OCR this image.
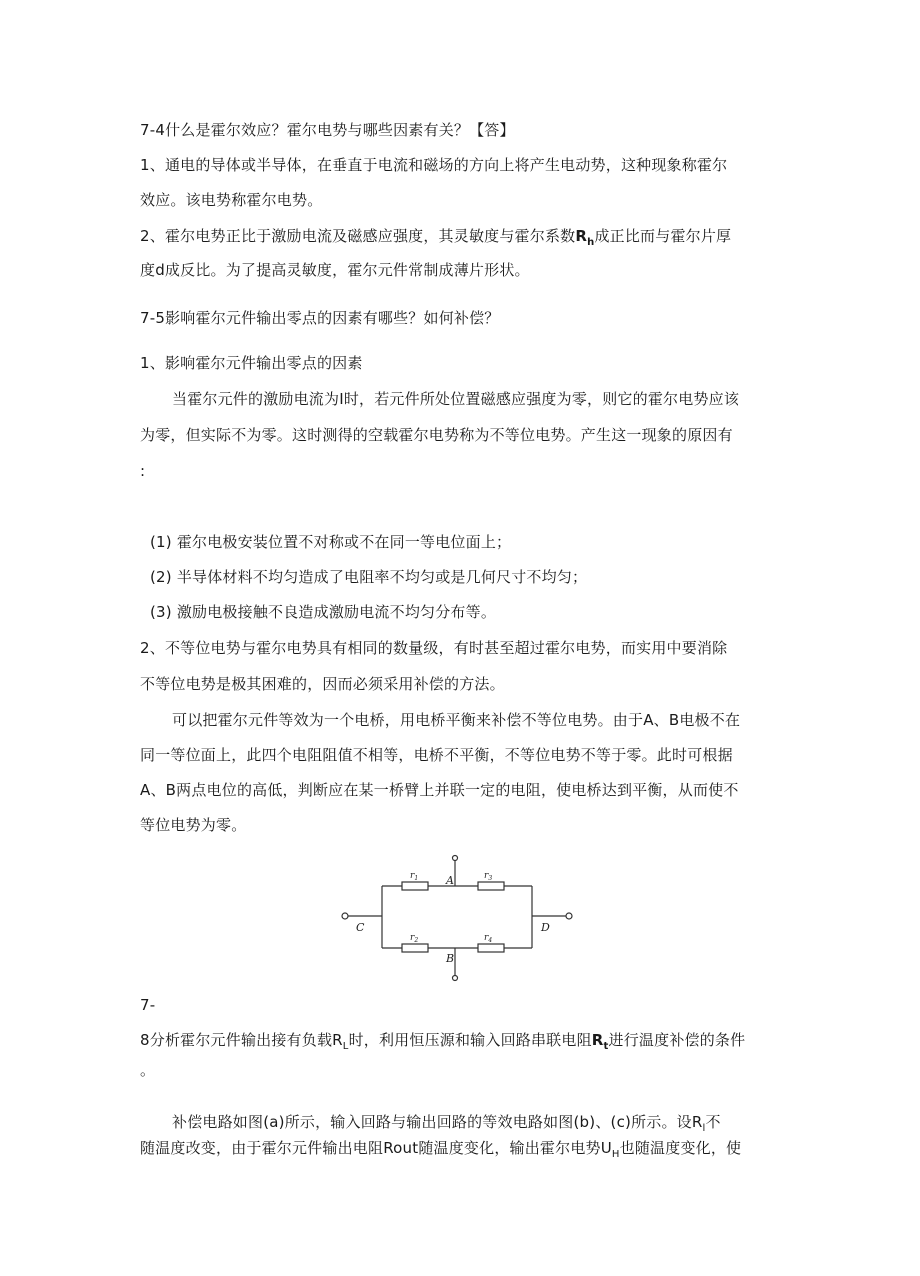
7-4什么是霍尔效应？霍尔电势与哪些因素有关？【答】
1、通电的导体或半导体，在垂直于电流和磁场的方向上将产生电动势，这种现象称霍尔
效应。该电势称霍尔电势。
2、霍尔电势正比于激励电流及磁感应强度，其灵敏度与霍尔系数$R_h$成正比而与霍尔片厚
度d成反比。为了提高灵敏度，霍尔元件常制成薄片形状。
7-5影响霍尔元件输出零点的因素有哪些？如何补偿？
1、影响霍尔元件输出零点的因素
当霍尔元件的激励电流为I时，若元件所处位置磁感应强度为零，则它的霍尔电势应该
为零，但实际不为零。这时测得的空载霍尔电势称为不等位电势。产生这一现象的原因有
:
(1) 霍尔电极安装位置不对称或不在同一等电位面上；
(2) 半导体材料不均匀造成了电阻率不均匀或是几何尺寸不均匀；
(3) 激励电极接触不良造成激励电流不均匀分布等。
2、不等位电势与霍尔电势具有相同的数量级，有时甚至超过霍尔电势，而实用中要消除
不等位电势是极其困难的，因而必须采用补偿的方法。
可以把霍尔元件等效为一个电桥，用电桥平衡来补偿不等位电势。由于A、B电极不在
同一等位面上，此四个电阻阻值不相等，电桥不平衡，不等位电势不等于零。此时可根据
A、B两点电位的高低，判断应在某一桥臂上并联一定的电阻，使电桥达到平衡，从而使不
等位电势为零。
A
B
C	D
$r_1$
$r_2$
$r_3$
$r_4$
7-
8分析霍尔元件输出接有负载$R_L$时，利用恒压源和输入回路串联电阻$R_t$进行温度补偿的条件
。
补偿电路如图(a)所示，输入回路与输出回路的等效电路如图(b)、(c)所示。设$R_l$不
随温度改变，由于霍尔元件输出电阻Rout随温度变化，输出霍尔电势$U_H$也随温度变化，使
